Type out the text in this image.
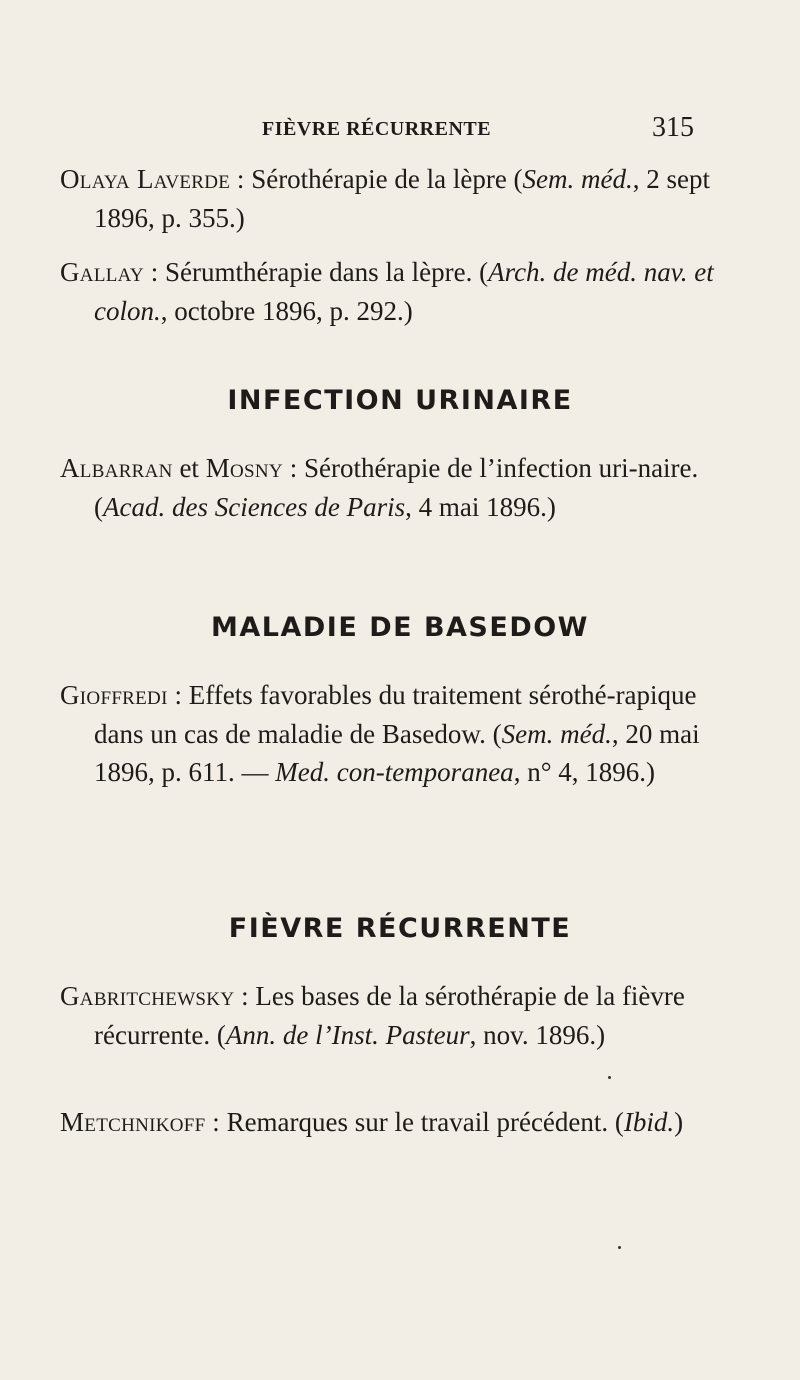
FIÈVRE RÉCURRENTE	315
Olaya Laverde : Sérothérapie de la lèpre (Sem. méd., 2 sept 1896, p. 355.)
Gallay : Sérumthérapie dans la lèpre. (Arch. de méd. nav. et colon., octobre 1896, p. 292.)
INFECTION URINAIRE
Albarran et Mosny : Sérothérapie de l’infection uri-naire. (Acad. des Sciences de Paris, 4 mai 1896.)
MALADIE DE BASEDOW
Gioffredi : Effets favorables du traitement sérothé-rapique dans un cas de maladie de Basedow. (Sem. méd., 20 mai 1896, p. 611. — Med. con-temporanea, n° 4, 1896.)
FIÈVRE RÉCURRENTE
Gabritchewsky : Les bases de la sérothérapie de la fièvre récurrente. (Ann. de l’Inst. Pasteur, nov. 1896.)
Metchnikoff : Remarques sur le travail précédent. (Ibid.)
